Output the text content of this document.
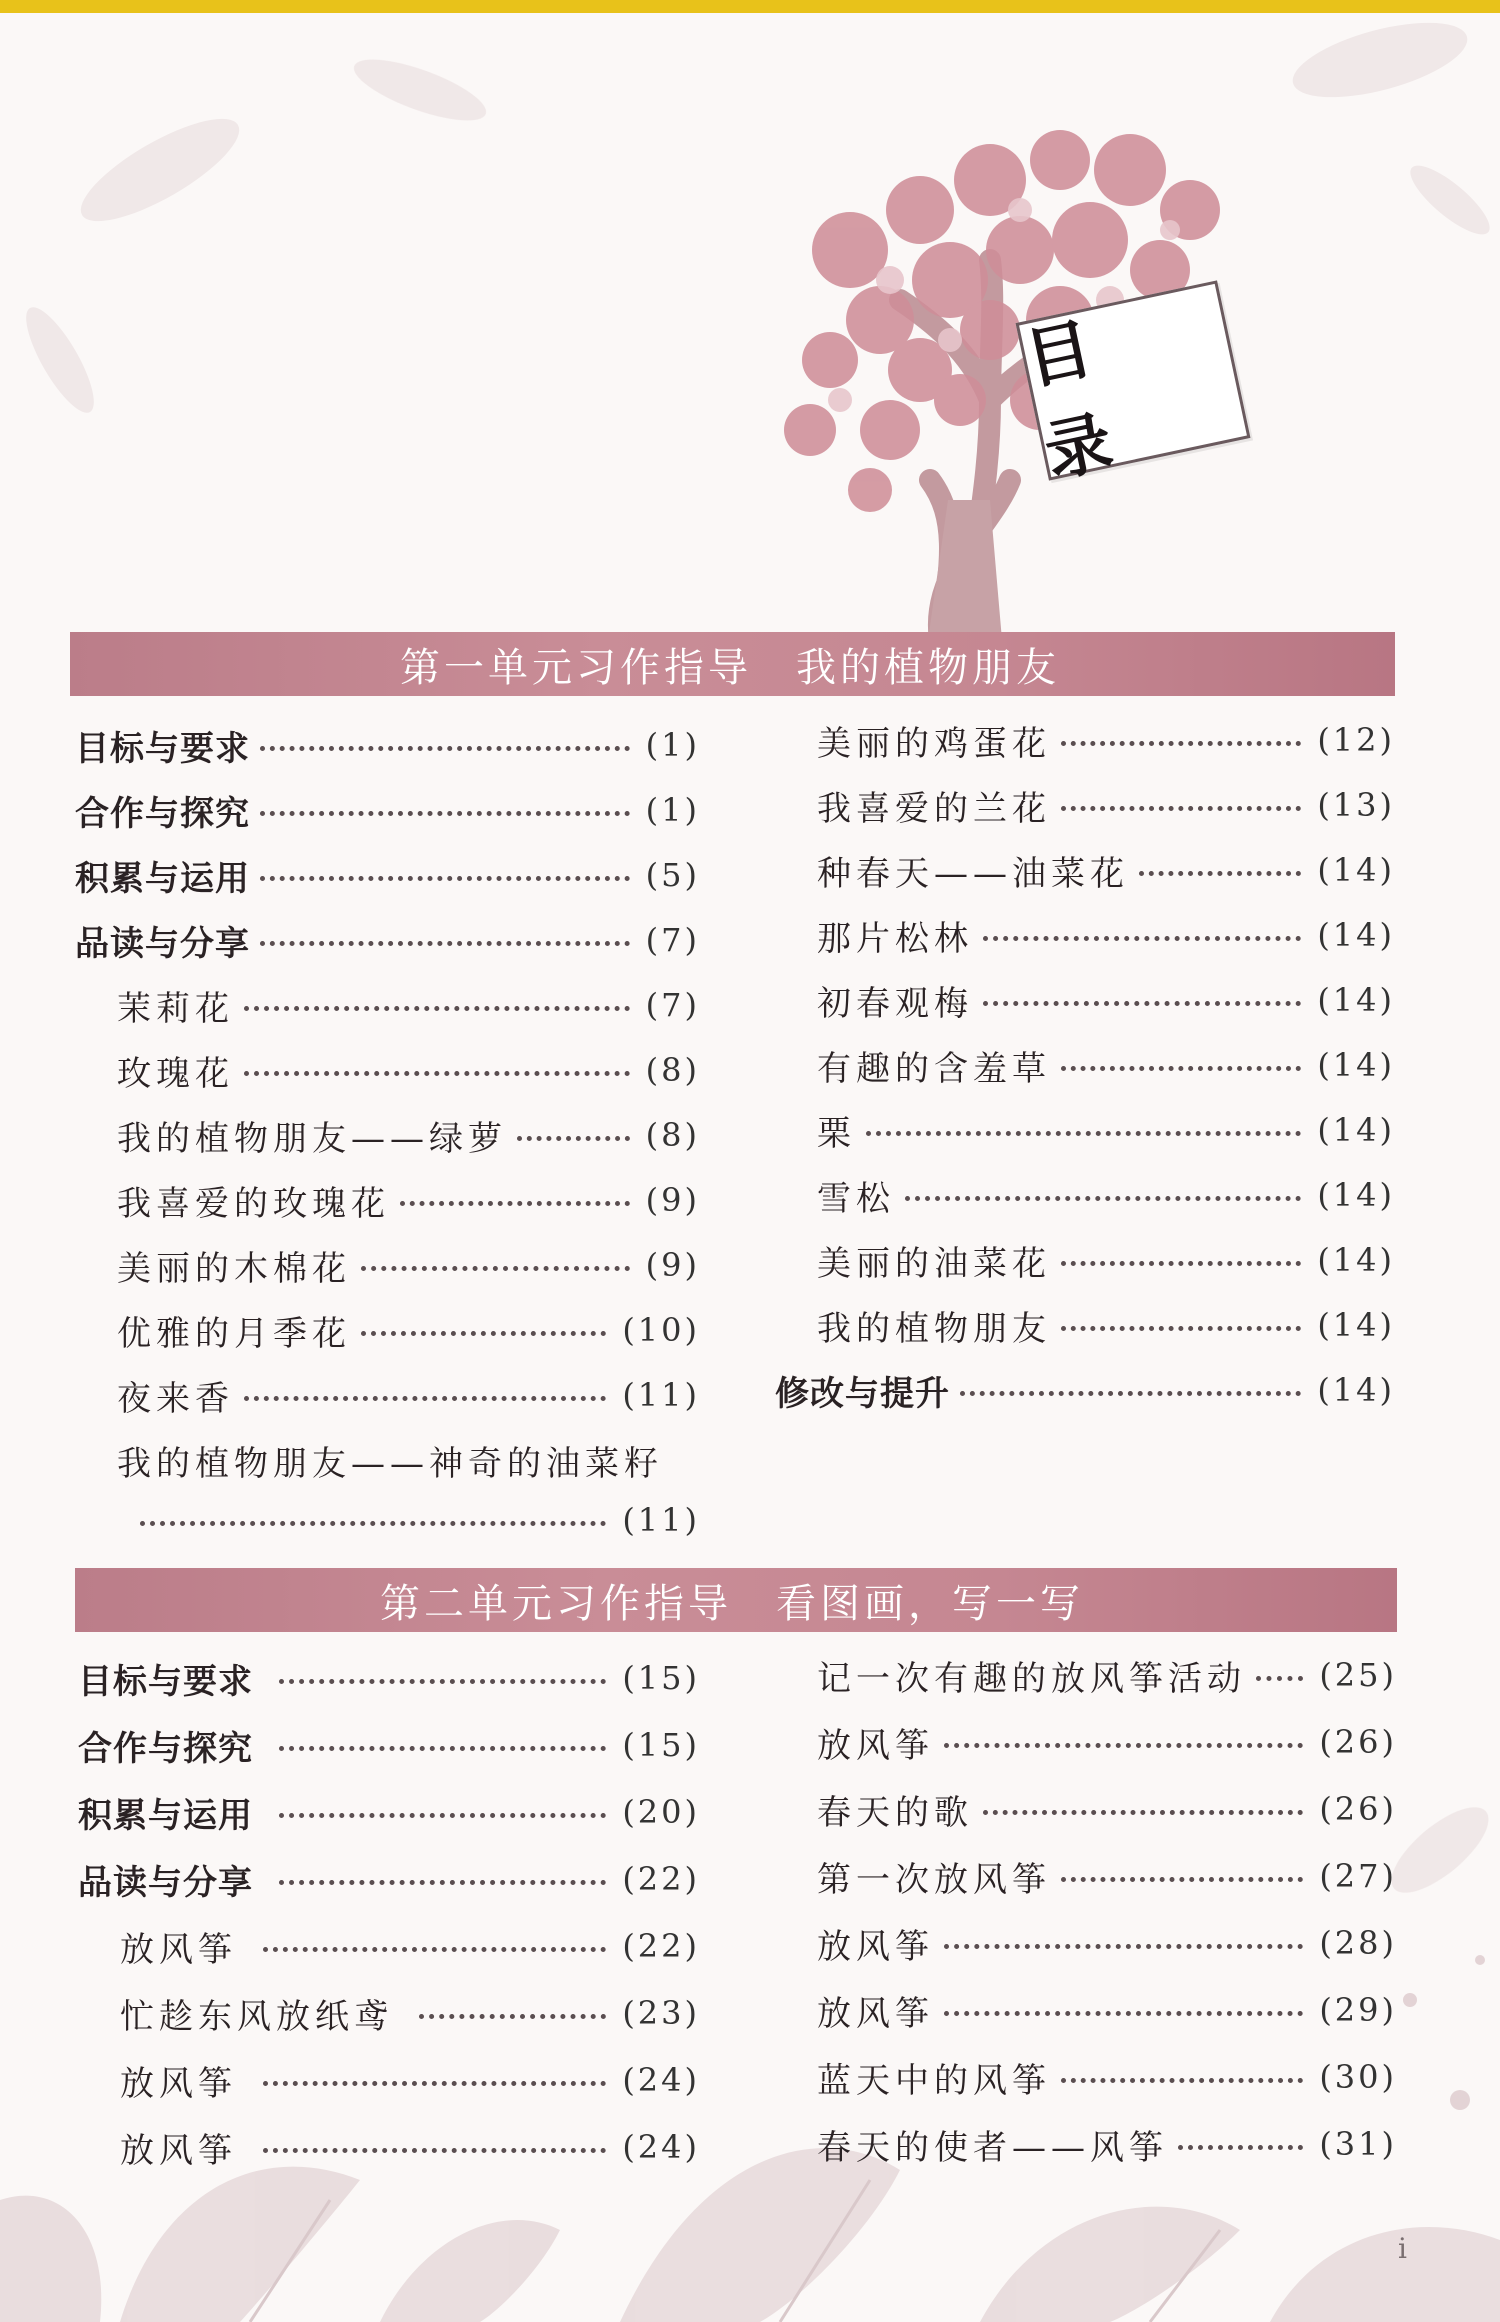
目 录
第一单元习作指导　我的植物朋友
目标与要求	(1)
合作与探究	(1)
积累与运用	(5)
品读与分享	(7)
茉莉花	(7)
玫瑰花	(8)
我的植物朋友——绿萝	(8)
我喜爱的玫瑰花	(9)
美丽的木棉花	(9)
优雅的月季花	(10)
夜来香	(11)
我的植物朋友——神奇的油菜籽
(11)
美丽的鸡蛋花	(12)
我喜爱的兰花	(13)
种春天——油菜花	(14)
那片松林	(14)
初春观梅	(14)
有趣的含羞草	(14)
栗	(14)
雪松	(14)
美丽的油菜花	(14)
我的植物朋友	(14)
修改与提升	(14)
第二单元习作指导　看图画，写一写
目标与要求	(15)
合作与探究	(15)
积累与运用	(20)
品读与分享	(22)
放风筝	(22)
忙趁东风放纸鸢	(23)
放风筝	(24)
放风筝	(24)
记一次有趣的放风筝活动 (25)
放风筝	(26)
春天的歌	(26)
第一次放风筝	(27)
放风筝	(28)
放风筝	(29)
蓝天中的风筝	(30)
春天的使者——风筝	(31)
i
